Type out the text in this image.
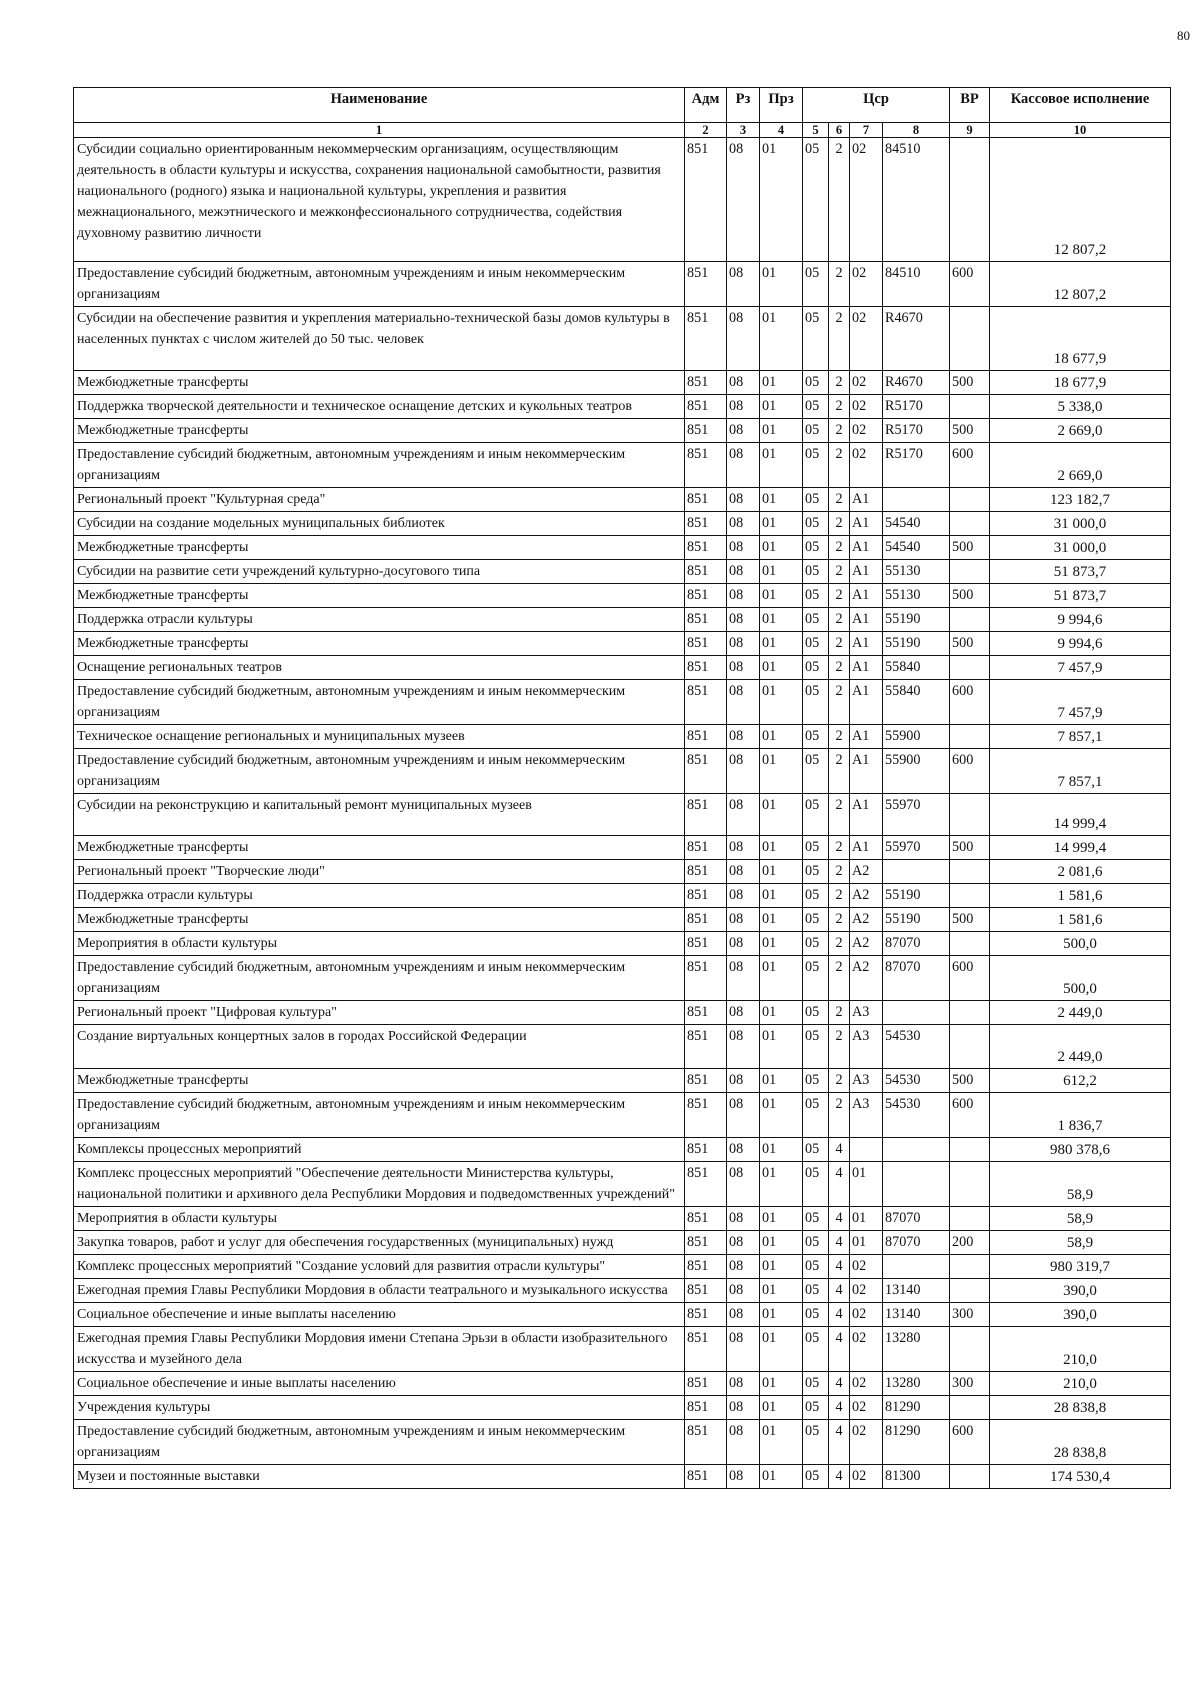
80
Наименование	Адм	Рз	Прз	Цср				ВР	Кассовое исполнение
1	2	3	4	5	6	7	8	9	10
Субсидии социально ориентированным некоммерческим организациям, осуществляющим деятельность в области культуры и искусства, сохранения национальной самобытности, развития национального (родного) языка и национальной культуры, укрепления и развития межнационального, межэтнического и межконфессионального сотрудничества, содействия духовному развитию личности	851	08	01	05	2	02	84510		12 807,2
Предоставление субсидий бюджетным, автономным учреждениям и иным некоммерческим организациям	851	08	01	05	2	02	84510	600	12 807,2
Субсидии на обеспечение развития и укрепления материально-технической базы домов культуры в населенных пунктах с числом жителей до 50 тыс. человек	851	08	01	05	2	02	R4670		18 677,9
Межбюджетные трансферты	851	08	01	05	2	02	R4670	500	18 677,9
Поддержка творческой деятельности и техническое оснащение детских и кукольных театров	851	08	01	05	2	02	R5170		5 338,0
Межбюджетные трансферты	851	08	01	05	2	02	R5170	500	2 669,0
Предоставление субсидий бюджетным, автономным учреждениям и иным некоммерческим организациям	851	08	01	05	2	02	R5170	600	2 669,0
Региональный проект "Культурная среда"	851	08	01	05	2	A1			123 182,7
Субсидии на создание модельных муниципальных библиотек	851	08	01	05	2	A1	54540		31 000,0
Межбюджетные трансферты	851	08	01	05	2	A1	54540	500	31 000,0
Субсидии на развитие сети учреждений культурно-досугового типа	851	08	01	05	2	A1	55130		51 873,7
Межбюджетные трансферты	851	08	01	05	2	A1	55130	500	51 873,7
Поддержка отрасли культуры	851	08	01	05	2	A1	55190		9 994,6
Межбюджетные трансферты	851	08	01	05	2	A1	55190	500	9 994,6
Оснащение региональных театров	851	08	01	05	2	A1	55840		7 457,9
Предоставление субсидий бюджетным, автономным учреждениям и иным некоммерческим организациям	851	08	01	05	2	A1	55840	600	7 457,9
Техническое оснащение региональных и муниципальных музеев	851	08	01	05	2	A1	55900		7 857,1
Предоставление субсидий бюджетным, автономным учреждениям и иным некоммерческим организациям	851	08	01	05	2	A1	55900	600	7 857,1
Субсидии на реконструкцию и капитальный ремонт муниципальных музеев	851	08	01	05	2	A1	55970		14 999,4
Межбюджетные трансферты	851	08	01	05	2	A1	55970	500	14 999,4
Региональный проект "Творческие люди"	851	08	01	05	2	A2			2 081,6
Поддержка отрасли культуры	851	08	01	05	2	A2	55190		1 581,6
Межбюджетные трансферты	851	08	01	05	2	A2	55190	500	1 581,6
Мероприятия в области культуры	851	08	01	05	2	A2	87070		500,0
Предоставление субсидий бюджетным, автономным учреждениям и иным некоммерческим организациям	851	08	01	05	2	A2	87070	600	500,0
Региональный проект "Цифровая культура"	851	08	01	05	2	A3			2 449,0
Создание виртуальных концертных залов в городах Российской Федерации	851	08	01	05	2	A3	54530		2 449,0
Межбюджетные трансферты	851	08	01	05	2	A3	54530	500	612,2
Предоставление субсидий бюджетным, автономным учреждениям и иным некоммерческим организациям	851	08	01	05	2	A3	54530	600	1 836,7
Комплексы процессных мероприятий	851	08	01	05	4				980 378,6
Комплекс процессных мероприятий "Обеспечение деятельности Министерства культуры, национальной политики и архивного дела Республики Мордовия и подведомственных учреждений"	851	08	01	05	4	01			58,9
Мероприятия в области культуры	851	08	01	05	4	01	87070		58,9
Закупка товаров, работ и услуг для обеспечения государственных (муниципальных) нужд	851	08	01	05	4	01	87070	200	58,9
Комплекс процессных мероприятий "Создание условий для развития отрасли культуры"	851	08	01	05	4	02			980 319,7
Ежегодная премия Главы Республики Мордовия в области театрального и музыкального искусства	851	08	01	05	4	02	13140		390,0
Социальное обеспечение и иные выплаты населению	851	08	01	05	4	02	13140	300	390,0
Ежегодная премия Главы Республики Мордовия имени Степана Эрьзи в области изобразительного искусства и музейного дела	851	08	01	05	4	02	13280		210,0
Социальное обеспечение и иные выплаты населению	851	08	01	05	4	02	13280	300	210,0
Учреждения культуры	851	08	01	05	4	02	81290		28 838,8
Предоставление субсидий бюджетным, автономным учреждениям и иным некоммерческим организациям	851	08	01	05	4	02	81290	600	28 838,8
Музеи и постоянные выставки	851	08	01	05	4	02	81300		174 530,4
